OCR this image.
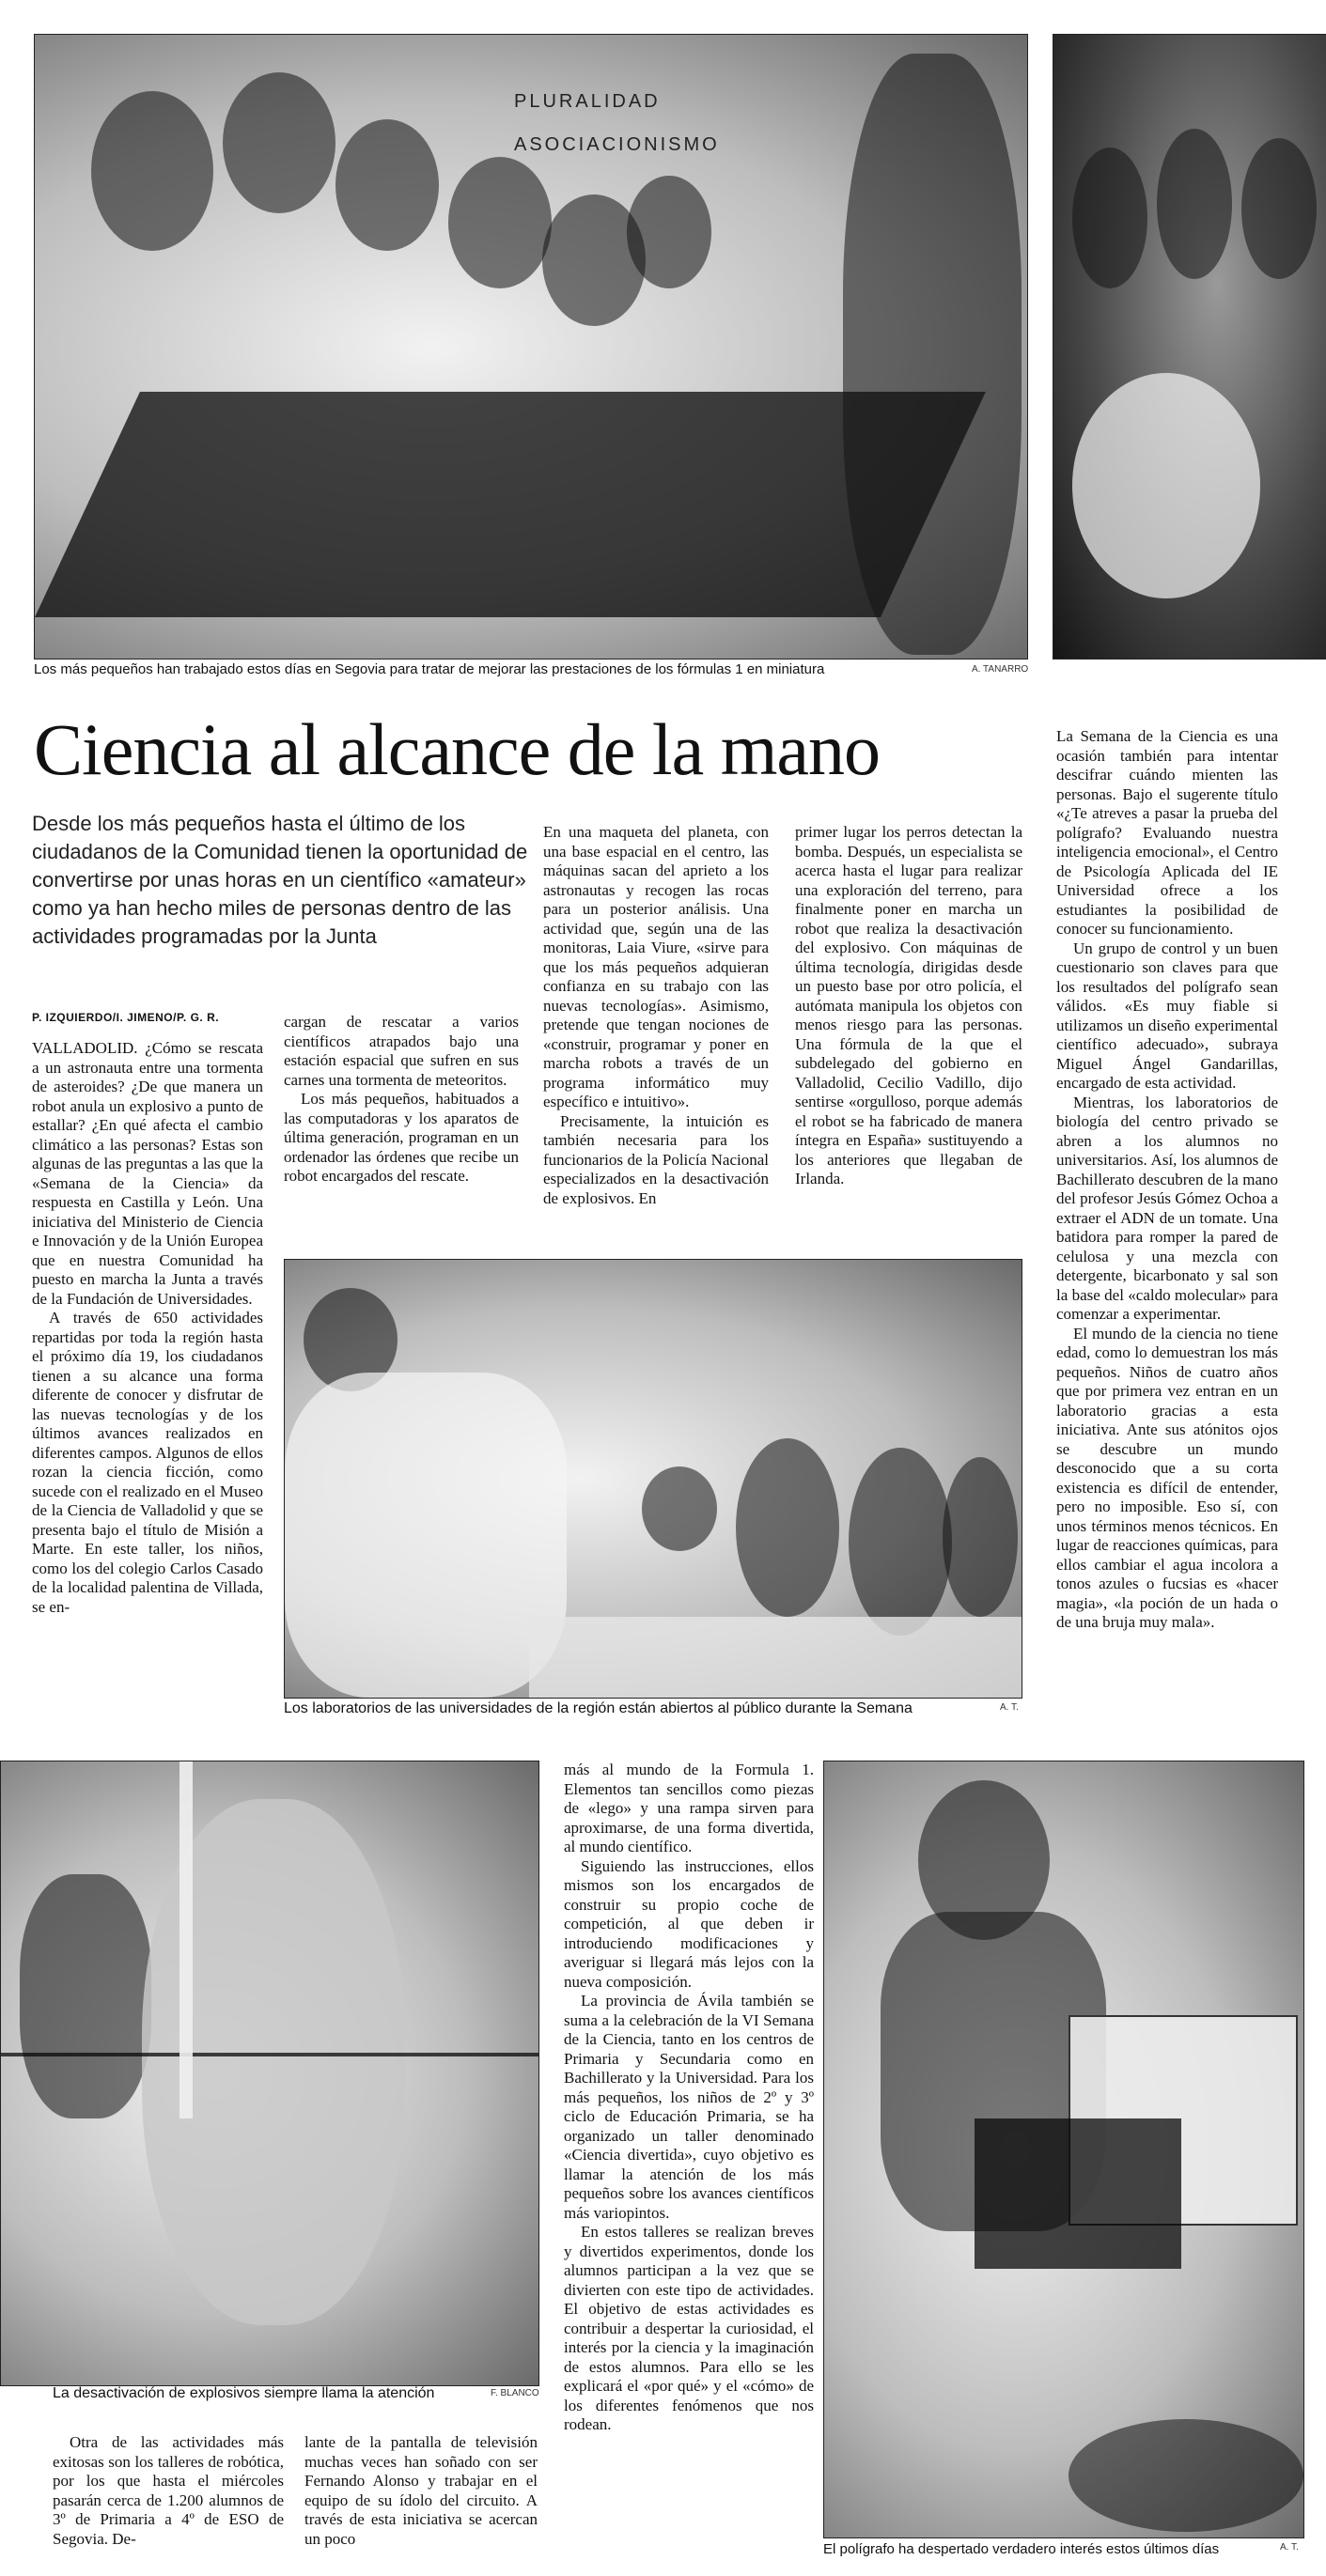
PLURALIDAD ASOCIACIONISMO
Los más pequeños han trabajado estos días en Segovia para tratar de mejorar las prestaciones de los fórmulas 1 en miniatura	A. TANARRO
Ciencia al alcance de la mano
Desde los más pequeños hasta el último de los ciudadanos de la Comunidad tienen la oportunidad de convertirse por unas horas en un científico «amateur» como ya han hecho miles de personas dentro de las actividades programadas por la Junta
P. IZQUIERDO/I. JIMENO/P. G. R.

VALLADOLID. ¿Cómo se rescata a un astronauta entre una tormenta de asteroides? ¿De que manera un robot anula un explosivo a punto de estallar? ¿En qué afecta el cambio climático a las personas? Estas son algunas de las preguntas a las que la «Semana de la Ciencia» da respuesta en Castilla y León. Una iniciativa del Ministerio de Ciencia e Innovación y de la Unión Europea que en nuestra Comunidad ha puesto en marcha la Junta a través de la Fundación de Universidades.

A través de 650 actividades repartidas por toda la región hasta el próximo día 19, los ciudadanos tienen a su alcance una forma diferente de conocer y disfrutar de las nuevas tecnologías y de los últimos avances realizados en diferentes campos. Algunos de ellos rozan la ciencia ficción, como sucede con el realizado en el Museo de la Ciencia de Valladolid y que se presenta bajo el título de Misión a Marte. En este taller, los niños, como los del colegio Carlos Casado de la localidad palentina de Villada, se en-

cargan de rescatar a varios científicos atrapados bajo una estación espacial que sufren en sus carnes una tormenta de meteoritos.

Los más pequeños, habituados a las computadoras y los aparatos de última generación, programan en un ordenador las órdenes que recibe un robot encargados del rescate.

En una maqueta del planeta, con una base espacial en el centro, las máquinas sacan del aprieto a los astronautas y recogen las rocas para un posterior análisis. Una actividad que, según una de las monitoras, Laia Viure, «sirve para que los más pequeños adquieran confianza en su trabajo con las nuevas tecnologías». Asimismo, pretende que tengan nociones de «construir, programar y poner en marcha robots a través de un programa informático muy específico e intuitivo».

Precisamente, la intuición es también necesaria para los funcionarios de la Policía Nacional especializados en la desactivación de explosivos. En

primer lugar los perros detectan la bomba. Después, un especialista se acerca hasta el lugar para realizar una exploración del terreno, para finalmente poner en marcha un robot que realiza la desactivación del explosivo. Con máquinas de última tecnología, dirigidas desde un puesto base por otro policía, el autómata manipula los objetos con menos riesgo para las personas. Una fórmula de la que el subdelegado del gobierno en Valladolid, Cecilio Vadillo, dijo sentirse «orgulloso, porque además el robot se ha fabricado de manera íntegra en España» sustituyendo a los anteriores que llegaban de Irlanda.

La Semana de la Ciencia es una ocasión también para intentar descifrar cuándo mienten las personas. Bajo el sugerente título «¿Te atreves a pasar la prueba del polígrafo? Evaluando nuestra inteligencia emocional», el Centro de Psicología Aplicada del IE Universidad ofrece a los estudiantes la posibilidad de conocer su funcionamiento.

Un grupo de control y un buen cuestionario son claves para que los resultados del polígrafo sean válidos. «Es muy fiable si utilizamos un diseño experimental científico adecuado», subraya Miguel Ángel Gandarillas, encargado de esta actividad.

Mientras, los laboratorios de biología del centro privado se abren a los alumnos no universitarios. Así, los alumnos de Bachillerato descubren de la mano del profesor Jesús Gómez Ochoa a extraer el ADN de un tomate. Una batidora para romper la pared de celulosa y una mezcla con detergente, bicarbonato y sal son la base del «caldo molecular» para comenzar a experimentar.

El mundo de la ciencia no tiene edad, como lo demuestran los más pequeños. Niños de cuatro años que por primera vez entran en un laboratorio gracias a esta iniciativa. Ante sus atónitos ojos se descubre un mundo desconocido que a su corta existencia es difícil de entender, pero no imposible. Eso sí, con unos términos menos técnicos. En lugar de reacciones químicas, para ellos cambiar el agua incolora a tonos azules o fucsias es «hacer magia», «la poción de un hada o de una bruja muy mala».

Los laboratorios de las universidades de la región están abiertos al público durante la Semana	A. T.
La desactivación de explosivos siempre llama la atención	F. BLANCO

más al mundo de la Formula 1. Elementos tan sencillos como piezas de «lego» y una rampa sirven para aproximarse, de una forma divertida, al mundo científico.

Siguiendo las instrucciones, ellos mismos son los encargados de construir su propio coche de competición, al que deben ir introduciendo modificaciones y averiguar si llegará más lejos con la nueva composición.

La provincia de Ávila también se suma a la celebración de la VI Semana de la Ciencia, tanto en los centros de Primaria y Secundaria como en Bachillerato y la Universidad. Para los más pequeños, los niños de 2º y 3º ciclo de Educación Primaria, se ha organizado un taller denominado «Ciencia divertida», cuyo objetivo es llamar la atención de los más pequeños sobre los avances científicos más variopintos.

En estos talleres se realizan breves y divertidos experimentos, donde los alumnos participan a la vez que se divierten con este tipo de actividades. El objetivo de estas actividades es contribuir a despertar la curiosidad, el interés por la ciencia y la imaginación de estos alumnos. Para ello se les explicará el «por qué» y el «cómo» de los diferentes fenómenos que nos rodean.

Otra de las actividades más exitosas son los talleres de robótica, por los que hasta el miércoles pasarán cerca de 1.200 alumnos de 3º de Primaria a 4º de ESO de Segovia. De-

lante de la pantalla de televisión muchas veces han soñado con ser Fernando Alonso y trabajar en el equipo de su ídolo del circuito. A través de esta iniciativa se acercan un poco

El polígrafo ha despertado verdadero interés estos últimos días	A. T.
